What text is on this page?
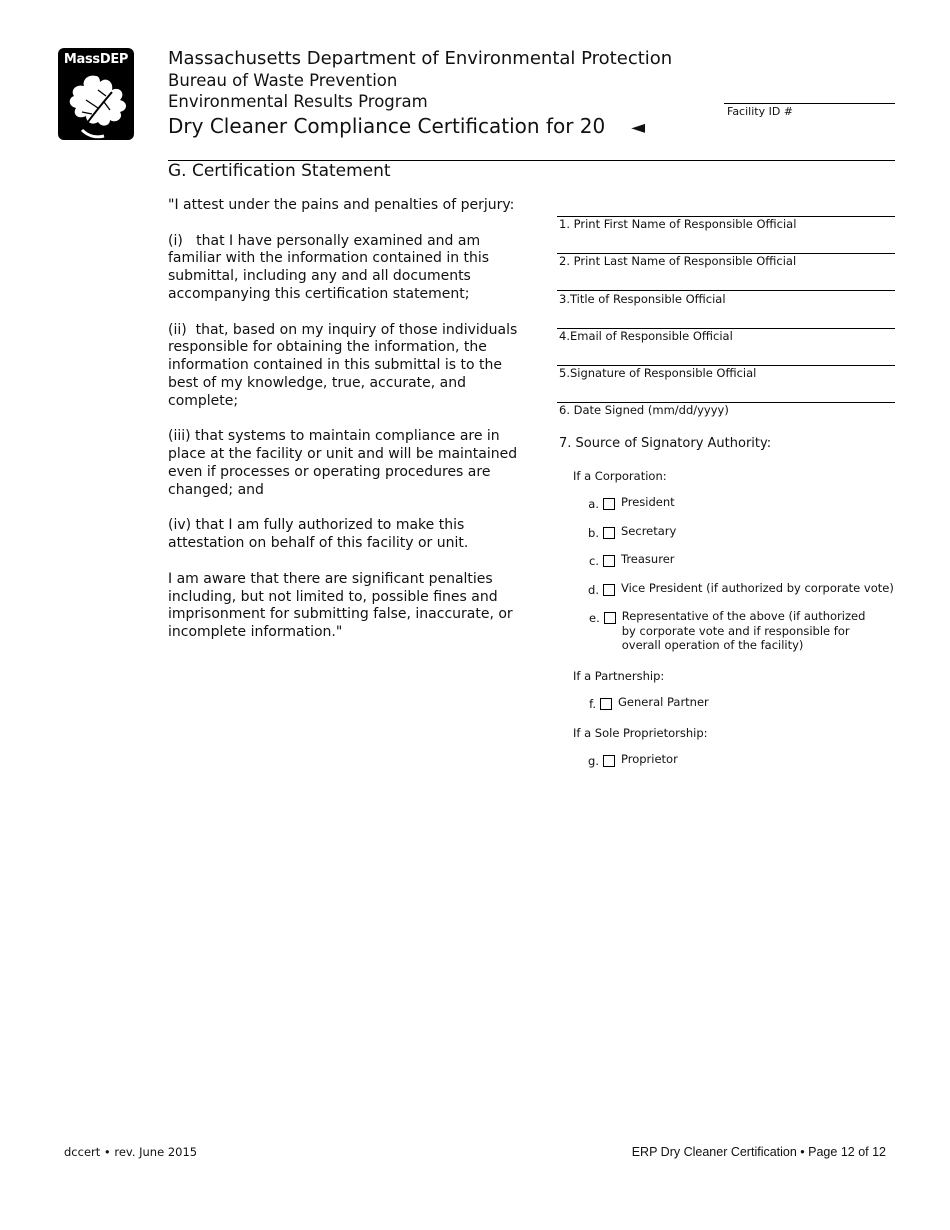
MassDEP	Massachusetts Department of Environmental Protection
Bureau of Waste Prevention
Environmental Results Program
Dry Cleaner Compliance Certification for 20 ◄
Facility ID #
G. Certification Statement

"I attest under the pains and penalties of perjury:

(i)   that I have personally examined and am familiar with the information contained in this submittal, including any and all documents accompanying this certification statement;

(ii)  that, based on my inquiry of those individuals responsible for obtaining the information, the information contained in this submittal is to the best of my knowledge, true, accurate, and complete;

(iii) that systems to maintain compliance are in place at the facility or unit and will be maintained even if processes or operating procedures are changed; and

(iv) that I am fully authorized to make this attestation on behalf of this facility or unit.

I am aware that there are significant penalties including, but not limited to, possible fines and imprisonment for submitting false, inaccurate, or incomplete information."

1. Print First Name of Responsible Official
2. Print Last Name of Responsible Official
3.Title of Responsible Official
4.Email of Responsible Official
5.Signature of Responsible Official
6. Date Signed (mm/dd/yyyy)
7. Source of Signatory Authority:
If a Corporation:
a. President
b. Secretary
c. Treasurer
d. Vice President (if authorized by corporate vote)
e. Representative of the above (if authorized by corporate vote and if responsible for overall operation of the facility)
If a Partnership:
f. General Partner
If a Sole Proprietorship:
g. Proprietor
dccert • rev. June 2015	ERP Dry Cleaner Certification • Page 12 of 12
